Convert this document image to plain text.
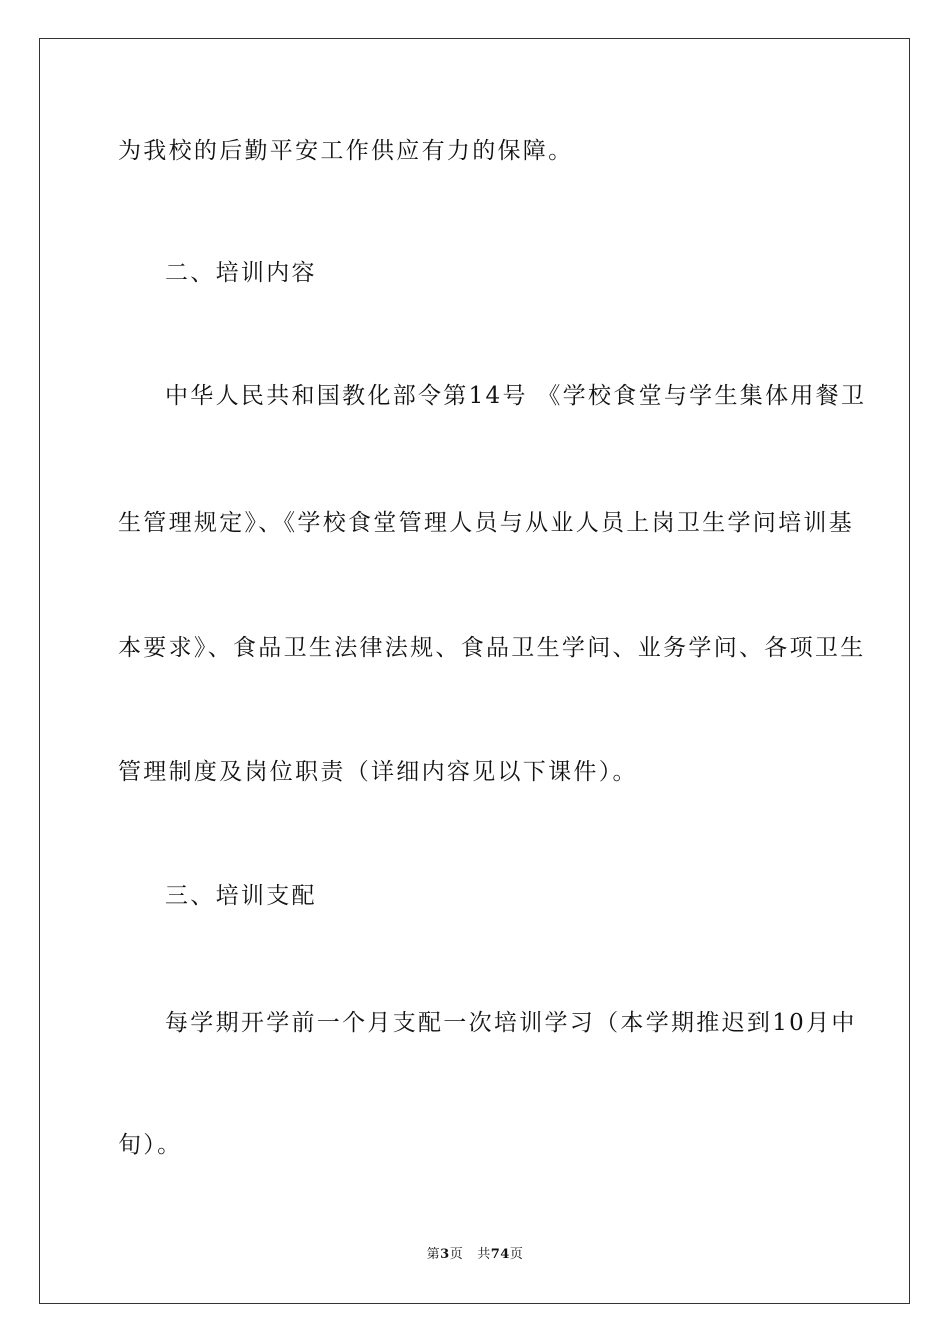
为我校的后勤平安工作供应有力的保障。

二、培训内容

中华人民共和国教化部令第14号 《学校食堂与学生集体用餐卫

生管理规定》、《学校食堂管理人员与从业人员上岗卫生学问培训基

本要求》、食品卫生法律法规、食品卫生学问、业务学问、各项卫生

管理制度及岗位职责（详细内容见以下课件）。

三、培训支配

每学期开学前一个月支配一次培训学习（本学期推迟到10月中

旬）。

第3页 共74页
